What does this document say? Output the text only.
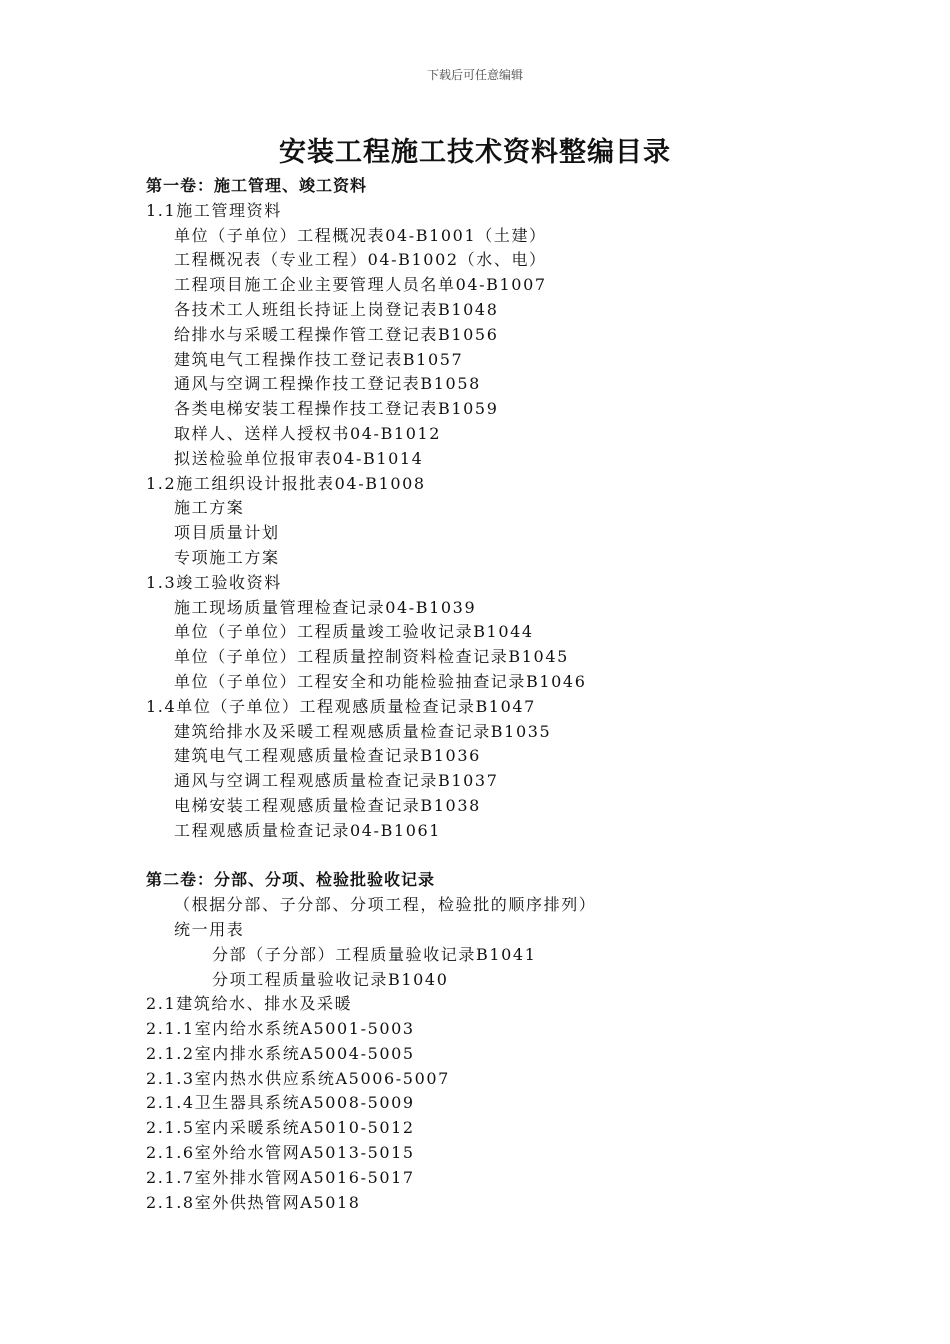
下载后可任意编辑
安装工程施工技术资料整编目录
第一卷：施工管理、竣工资料
1.1施工管理资料
单位（子单位）工程概况表04-B1001（土建）
工程概况表（专业工程）04-B1002（水、电）
工程项目施工企业主要管理人员名单04-B1007
各技术工人班组长持证上岗登记表B1048
给排水与采暖工程操作管工登记表B1056
建筑电气工程操作技工登记表B1057
通风与空调工程操作技工登记表B1058
各类电梯安装工程操作技工登记表B1059
取样人、送样人授权书04-B1012
拟送检验单位报审表04-B1014
1.2施工组织设计报批表04-B1008
施工方案
项目质量计划
专项施工方案
1.3竣工验收资料
施工现场质量管理检查记录04-B1039
单位（子单位）工程质量竣工验收记录B1044
单位（子单位）工程质量控制资料检查记录B1045
单位（子单位）工程安全和功能检验抽查记录B1046
1.4单位（子单位）工程观感质量检查记录B1047
建筑给排水及采暖工程观感质量检查记录B1035
建筑电气工程观感质量检查记录B1036
通风与空调工程观感质量检查记录B1037
电梯安装工程观感质量检查记录B1038
工程观感质量检查记录04-B1061
第二卷：分部、分项、检验批验收记录
（根据分部、子分部、分项工程，检验批的顺序排列）
统一用表
分部（子分部）工程质量验收记录B1041
分项工程质量验收记录B1040
2.1建筑给水、排水及采暖
2.1.1室内给水系统A5001-5003
2.1.2室内排水系统A5004-5005
2.1.3室内热水供应系统A5006-5007
2.1.4卫生器具系统A5008-5009
2.1.5室内采暖系统A5010-5012
2.1.6室外给水管网A5013-5015
2.1.7室外排水管网A5016-5017
2.1.8室外供热管网A5018
